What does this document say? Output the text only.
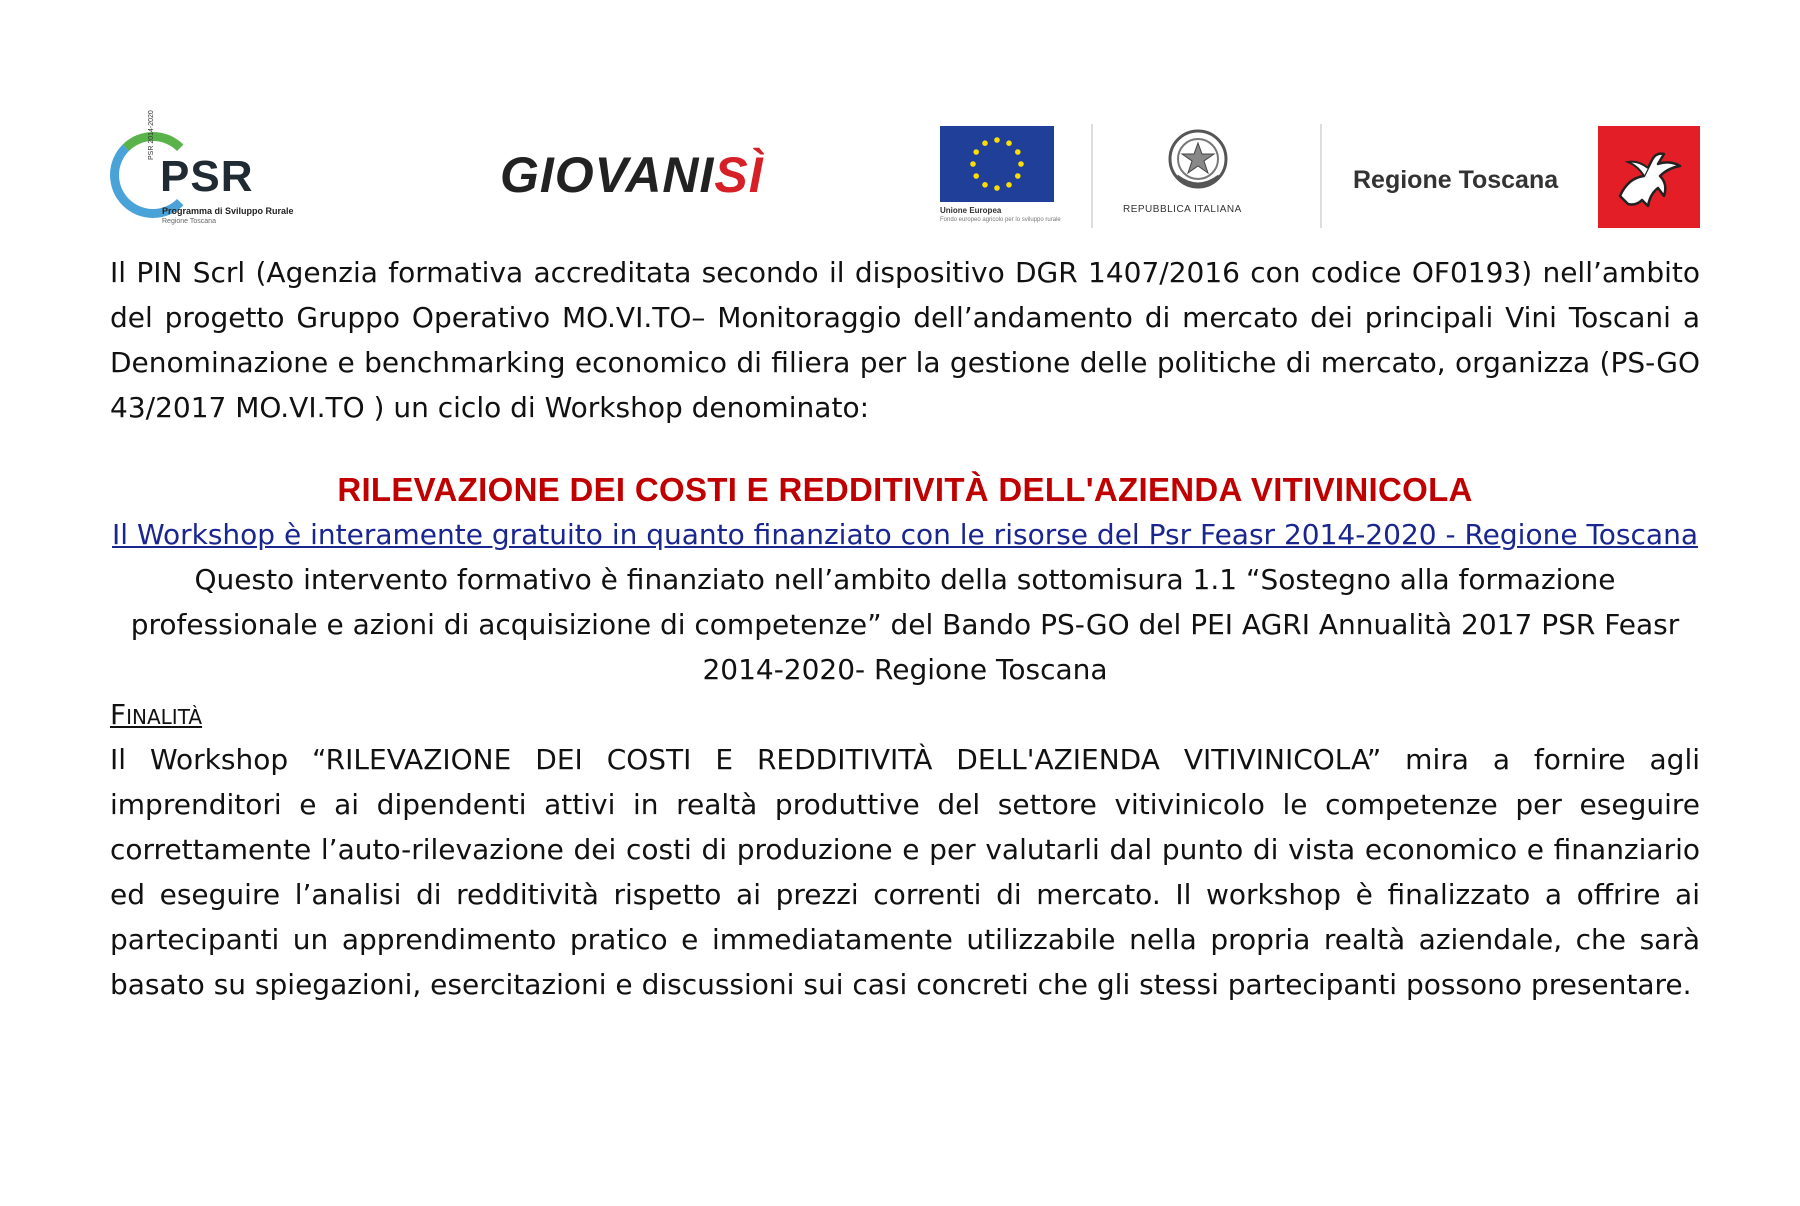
PSR 2014-2020
PSR
Programma di Sviluppo Rurale
Regione Toscana
GIOVANISÌ
Unione Europea
Fondo europeo agricolo per lo sviluppo rurale
REPUBBLICA ITALIANA
Regione Toscana

Il PIN Scrl (Agenzia formativa accreditata secondo il dispositivo DGR 1407/2016 con codice OF0193) nell’ambito del progetto Gruppo Operativo MO.VI.TO– Monitoraggio dell’andamento di mercato dei principali Vini Toscani a Denominazione e benchmarking economico di filiera per la gestione delle politiche di mercato, organizza (PS-GO 43/2017 MO.VI.TO ) un ciclo di Workshop denominato:

RILEVAZIONE DEI COSTI E REDDITIVITÀ DELL'AZIENDA VITIVINICOLA

Il Workshop è interamente gratuito in quanto finanziato con le risorse del Psr Feasr 2014-2020 - Regione Toscana

Questo intervento formativo è finanziato nell’ambito della sottomisura 1.1 “Sostegno alla formazione professionale e azioni di acquisizione di competenze” del Bando PS-GO del PEI AGRI Annualità 2017 PSR Feasr 2014-2020- Regione Toscana

Finalità

Il Workshop “RILEVAZIONE DEI COSTI E REDDITIVITÀ DELL'AZIENDA VITIVINICOLA” mira a fornire agli imprenditori e ai dipendenti attivi in realtà produttive del settore vitivinicolo le competenze per eseguire correttamente l’auto-rilevazione dei costi di produzione e per valutarli dal punto di vista economico e finanziario ed eseguire l’analisi di redditività rispetto ai prezzi correnti di mercato. Il workshop è finalizzato a offrire ai partecipanti un apprendimento pratico e immediatamente utilizzabile nella propria realtà aziendale, che sarà basato su spiegazioni, esercitazioni e discussioni sui casi concreti che gli stessi partecipanti possono presentare.
